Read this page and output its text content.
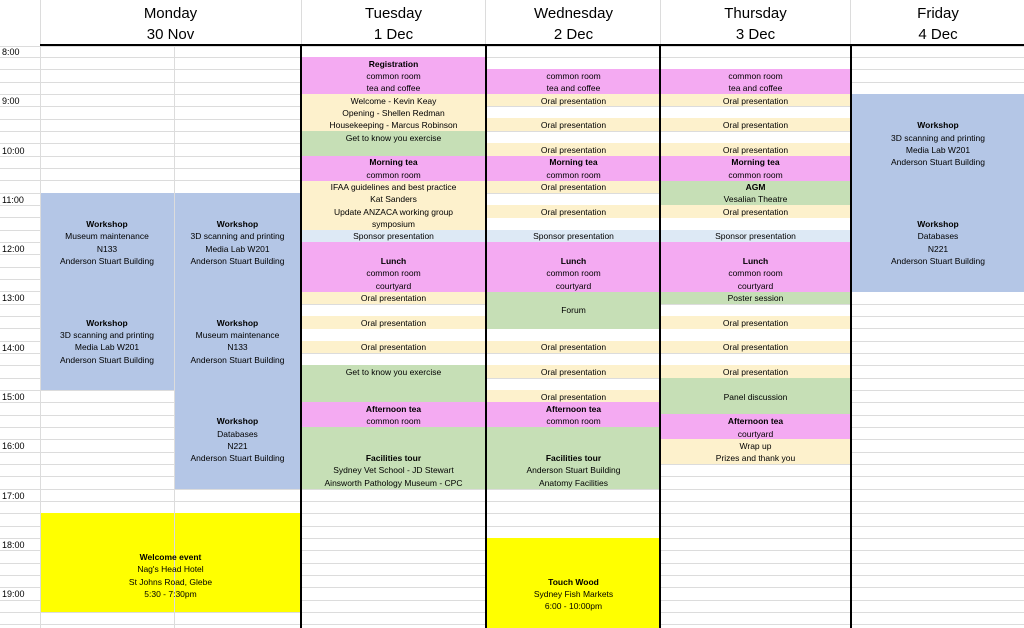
Monday
30 Nov
Tuesday
1 Dec
Wednesday
2 Dec
Thursday
3 Dec
Friday
4 Dec
8:00
9:00
10:00
11:00
12:00
13:00
14:00
15:00
16:00
17:00
18:00
19:00
Workshop
Museum maintenance
N133
Anderson Stuart Building
Workshop
3D scanning and printing
Media Lab W201
Anderson Stuart Building
Workshop
3D scanning and printing
Media Lab W201
Anderson Stuart Building
Workshop
Museum maintenance
N133
Anderson Stuart Building
Workshop
Databases
N221
Anderson Stuart Building
Welcome event
Nag's Head Hotel
St Johns Road, Glebe
5:30 - 7:30pm
Registration
common room
tea and coffee
Welcome - Kevin Keay
Opening - Shellen Redman
Housekeeping - Marcus Robinson
Get to know you exercise
Morning tea
common room
IFAA guidelines and best practice
Kat Sanders
Update ANZACA working group
symposium
Sponsor presentation
Lunch
common room
courtyard
Oral presentation
Oral presentation
Oral presentation
Get to know you exercise
Afternoon tea
common room
Facilities tour
Sydney Vet School - JD Stewart
Ainsworth Pathology Museum - CPC
common room
tea and coffee
Oral presentation
Oral presentation
Oral presentation
Morning tea
common room
Oral presentation
Oral presentation
Sponsor presentation
Lunch
common room
courtyard
Forum
Oral presentation
Oral presentation
Oral presentation
Afternoon tea
common room
Facilities tour
Anderson Stuart Building
Anatomy Facilities
Touch Wood
Sydney Fish Markets
6:00 - 10:00pm
common room
tea and coffee
Oral presentation
Oral presentation
Oral presentation
Morning tea
common room
AGM
Vesalian Theatre
Oral presentation
Sponsor presentation
Lunch
common room
courtyard
Poster session
Oral presentation
Oral presentation
Oral presentation
Panel discussion
Afternoon tea
courtyard
Wrap up
Prizes and thank you
Workshop
3D scanning and printing
Media Lab W201
Anderson Stuart Building
Workshop
Databases
N221
Anderson Stuart Building
